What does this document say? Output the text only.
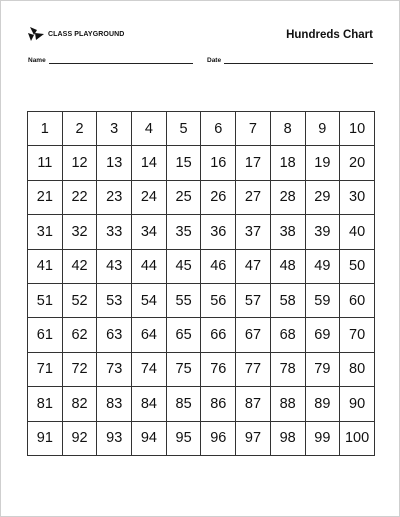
CLASS PLAYGROUND	Hundreds Chart
Name	Date
1	2	3	4	5	6	7	8	9	10
11	12	13	14	15	16	17	18	19	20
21	22	23	24	25	26	27	28	29	30
31	32	33	34	35	36	37	38	39	40
41	42	43	44	45	46	47	48	49	50
51	52	53	54	55	56	57	58	59	60
61	62	63	64	65	66	67	68	69	70
71	72	73	74	75	76	77	78	79	80
81	82	83	84	85	86	87	88	89	90
91	92	93	94	95	96	97	98	99	100
